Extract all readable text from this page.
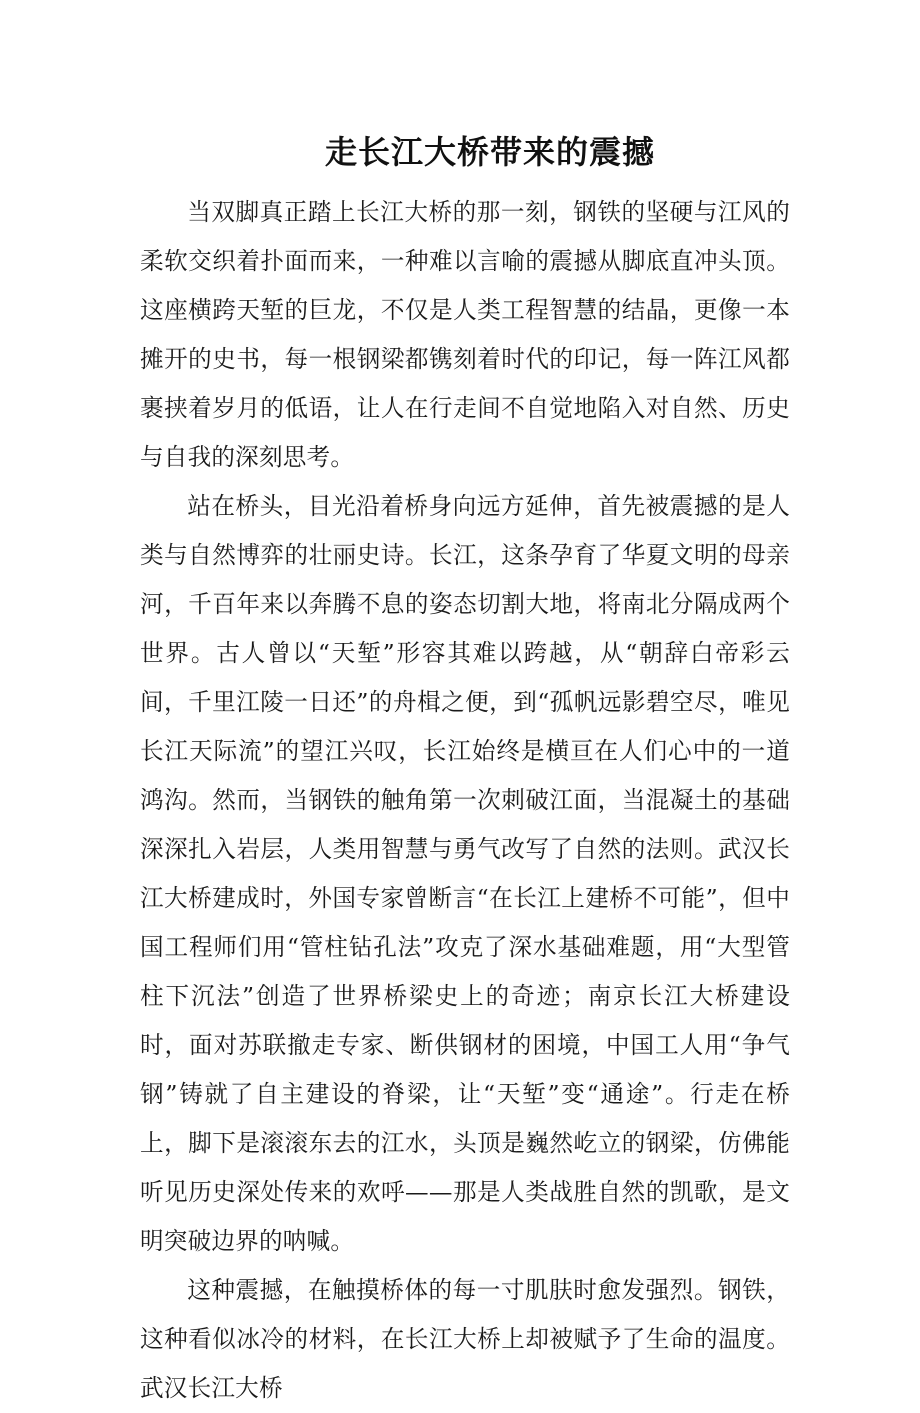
走长江大桥带来的震撼

当双脚真正踏上长江大桥的那一刻，钢铁的坚硬与江风的柔软交织着扑面而来，一种难以言喻的震撼从脚底直冲头顶。这座横跨天堑的巨龙，不仅是人类工程智慧的结晶，更像一本摊开的史书，每一根钢梁都镌刻着时代的印记，每一阵江风都裹挟着岁月的低语，让人在行走间不自觉地陷入对自然、历史与自我的深刻思考。

站在桥头，目光沿着桥身向远方延伸，首先被震撼的是人类与自然博弈的壮丽史诗。长江，这条孕育了华夏文明的母亲河，千百年来以奔腾不息的姿态切割大地，将南北分隔成两个世界。古人曾以“天堑”形容其难以跨越，从“朝辞白帝彩云间，千里江陵一日还”的舟楫之便，到“孤帆远影碧空尽，唯见长江天际流”的望江兴叹，长江始终是横亘在人们心中的一道鸿沟。然而，当钢铁的触角第一次刺破江面，当混凝土的基础深深扎入岩层，人类用智慧与勇气改写了自然的法则。武汉长江大桥建成时，外国专家曾断言“在长江上建桥不可能”，但中国工程师们用“管柱钻孔法”攻克了深水基础难题，用“大型管柱下沉法”创造了世界桥梁史上的奇迹；南京长江大桥建设时，面对苏联撤走专家、断供钢材的困境，中国工人用“争气钢”铸就了自主建设的脊梁，让“天堑”变“通途”。行走在桥上，脚下是滚滚东去的江水，头顶是巍然屹立的钢梁，仿佛能听见历史深处传来的欢呼——那是人类战胜自然的凯歌，是文明突破边界的呐喊。

这种震撼，在触摸桥体的每一寸肌肤时愈发强烈。钢铁，这种看似冰冷的材料，在长江大桥上却被赋予了生命的温度。武汉长江大桥
